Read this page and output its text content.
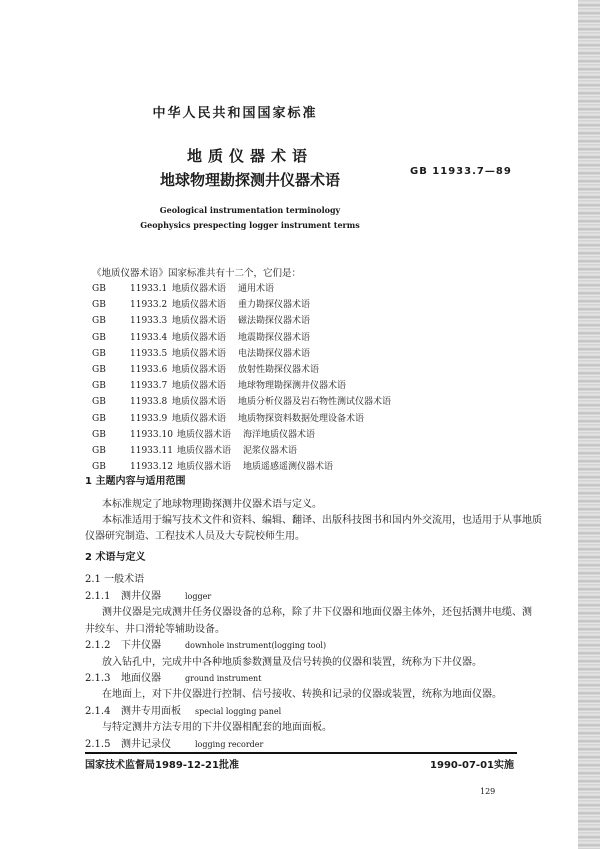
中华人民共和国国家标准
地质仪器术语
地球物理勘探测井仪器术语	GB 11933.7—89
Geological instrumentation terminology
Geophysics prespecting logger instrument terms
《地质仪器术语》国家标准共有十二个，它们是：
GB	11933.1 地质仪器术语 通用术语
GB	11933.2 地质仪器术语 重力勘探仪器术语
GB	11933.3 地质仪器术语 磁法勘探仪器术语
GB	11933.4 地质仪器术语 地震勘探仪器术语
GB	11933.5 地质仪器术语 电法勘探仪器术语
GB	11933.6 地质仪器术语 放射性勘探仪器术语
GB	11933.7 地质仪器术语 地球物理勘探测井仪器术语
GB	11933.8 地质仪器术语 地质分析仪器及岩石物性测试仪器术语
GB	11933.9 地质仪器术语 地质物探资料数据处理设备术语
GB	11933.10 地质仪器术语 海洋地质仪器术语
GB	11933.11 地质仪器术语 泥浆仪器术语
GB	11933.12 地质仪器术语 地质遥感遥测仪器术语
1 主题内容与适用范围
本标准规定了地球物理勘探测井仪器术语与定义。
本标准适用于编写技术文件和资料、编辑、翻译、出版科技图书和国内外交流用，也适用于从事地质
仪器研究制造、工程技术人员及大专院校师生用。
2 术语与定义
2.1 一般术语
2.1.1 测井仪器	logger
测井仪器是完成测井任务仪器设备的总称，除了井下仪器和地面仪器主体外，还包括测井电缆、测
井绞车、井口滑轮等辅助设备。
2.1.2 下井仪器	downhole instrument(logging tool)
放入钻孔中，完成井中各种地质参数测量及信号转换的仪器和装置，统称为下井仪器。
2.1.3 地面仪器	ground instrument
在地面上，对下井仪器进行控制、信号接收、转换和记录的仪器或装置，统称为地面仪器。
2.1.4 测井专用面板 special logging panel
与特定测井方法专用的下井仪器相配套的地面面板。
2.1.5 测井记录仪	logging recorder
国家技术监督局1989-12-21批准	1990-07-01实施
129
